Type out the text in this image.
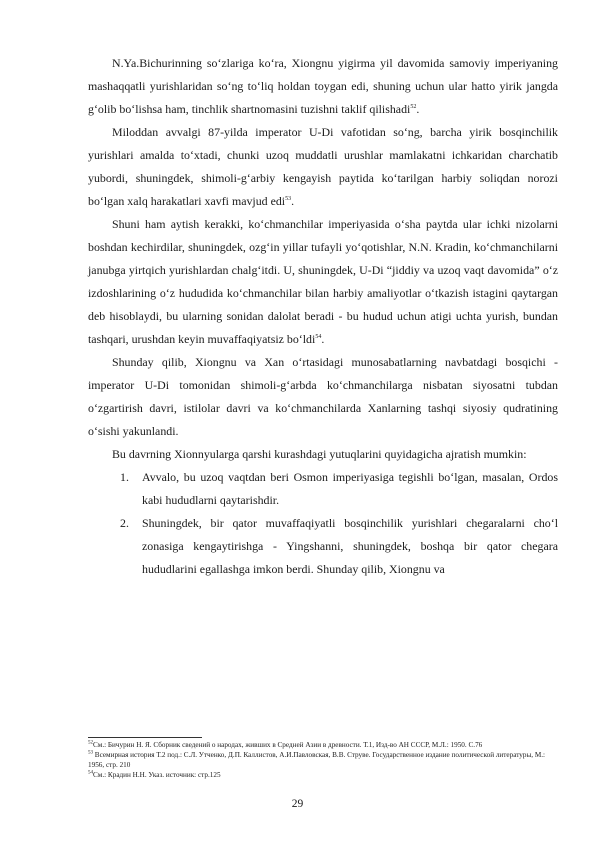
N.Ya.Bichurinning so‘zlariga ko‘ra, Xiongnu yigirma yil davomida samoviy imperiyaning mashaqqatli yurishlaridan so‘ng to‘liq holdan toygan edi, shuning uchun ular hatto yirik jangda g‘olib bo‘lishsa ham, tinchlik shartnomasini tuzishni taklif qilishadi$^{52}$.

Miloddan avvalgi 87-yilda imperator U-Di vafotidan so‘ng, barcha yirik bosqinchilik yurishlari amalda to‘xtadi, chunki uzoq muddatli urushlar mamlakatni ichkaridan charchatib yubordi, shuningdek, shimoli-g‘arbiy kengayish paytida ko‘tarilgan harbiy soliqdan norozi bo‘lgan xalq harakatlari xavfi mavjud edi$^{53}$.

Shuni ham aytish kerakki, ko‘chmanchilar imperiyasida o‘sha paytda ular ichki nizolarni boshdan kechirdilar, shuningdek, ozg‘in yillar tufayli yo‘qotishlar, N.N. Kradin, ko‘chmanchilarni janubga yirtqich yurishlardan chalg‘itdi. U, shuningdek, U-Di “jiddiy va uzoq vaqt davomida” o‘z izdoshlarining o‘z hududida ko‘chmanchilar bilan harbiy amaliyotlar o‘tkazish istagini qaytargan deb hisoblaydi, bu ularning sonidan dalolat beradi - bu hudud uchun atigi uchta yurish, bundan tashqari, urushdan keyin muvaffaqiyatsiz bo‘ldi$^{54}$.

Shunday qilib, Xiongnu va Xan o‘rtasidagi munosabatlarning navbatdagi bosqichi - imperator U-Di tomonidan shimoli-g‘arbda ko‘chmanchilarga nisbatan siyosatni tubdan o‘zgartirish davri, istilolar davri va ko‘chmanchilarda Xanlarning tashqi siyosiy qudratining o‘sishi yakunlandi.

Bu davrning Xionnyularga qarshi kurashdagi yutuqlarini quyidagicha ajratish mumkin:

1. Avvalo, bu uzoq vaqtdan beri Osmon imperiyasiga tegishli bo‘lgan, masalan, Ordos kabi hududlarni qaytarishdir.
2. Shuningdek, bir qator muvaffaqiyatli bosqinchilik yurishlari chegaralarni cho‘l zonasiga kengaytirishga - Yingshanni, shuningdek, boshqa bir qator chegara hududlarini egallashga imkon berdi. Shunday qilib, Xiongnu va

$^{52}$См.: Бичурин Н. Я. Сборник сведений о народах, живших в Средней Азии в древности. Т.1, Изд-во АН СССР, М.Л.: 1950. С.76

$^{53}$ Всемирная история Т.2 под.: С.Л. Утченко, Д.П. Каллистов, А.И.Павловская, В.В. Струве. Государственное издание политической литературы, М.: 1956, стр. 210

$^{54}$См.: Крадин Н.Н. Указ. источник: стр.125

29
